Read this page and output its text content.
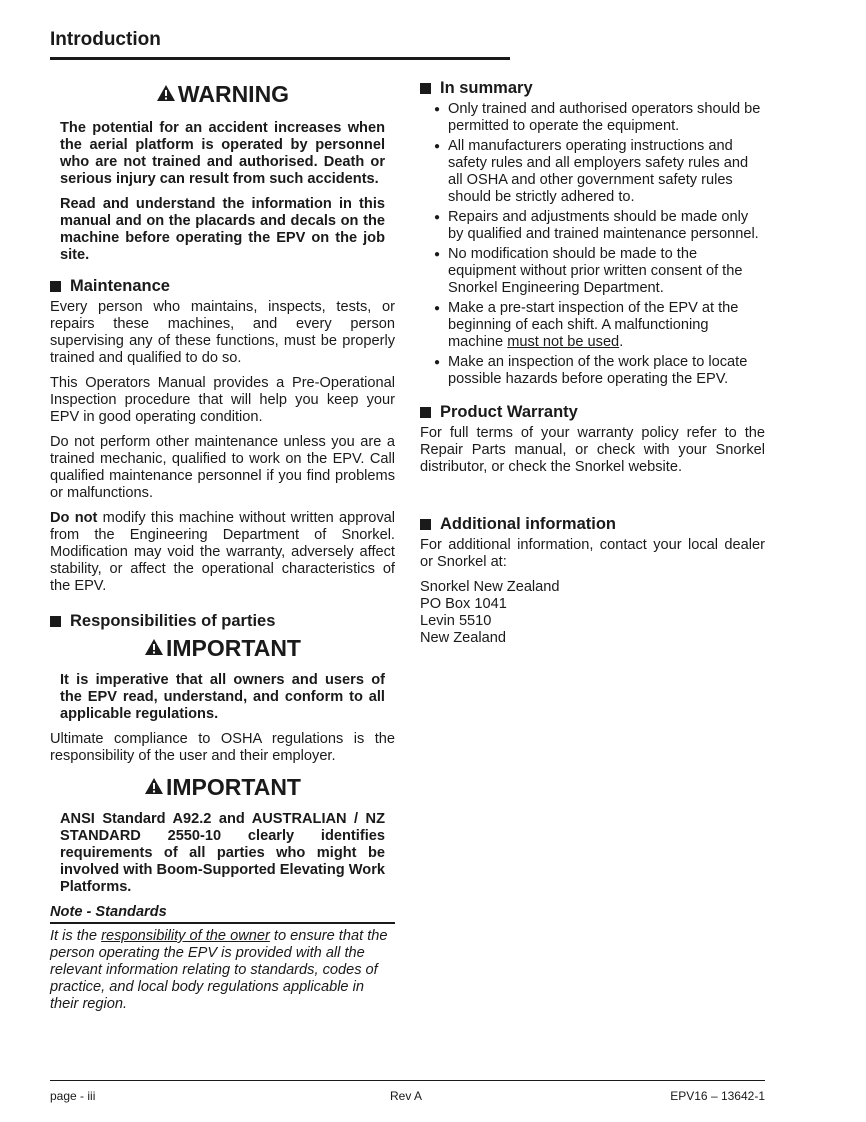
Introduction
WARNING

The potential for an accident increases when the aerial platform is operated by personnel who are not trained and authorised. Death or serious injury can result from such accidents.

Read and understand the information in this manual and on the placards and decals on the machine before operating the EPV on the job site.

Maintenance

Every person who maintains, inspects, tests, or repairs these machines, and every person supervising any of these functions, must be properly trained and qualified to do so.

This Operators Manual provides a Pre-Operational Inspection procedure that will help you keep your EPV in good operating condition.

Do not perform other maintenance unless you are a trained mechanic, qualified to work on the EPV. Call qualified maintenance personnel if you find problems or malfunctions.

Do not modify this machine without written approval from the Engineering Department of Snorkel. Modification may void the warranty, adversely affect stability, or affect the operational characteristics of the EPV.

Responsibilities of parties
IMPORTANT

It is imperative that all owners and users of the EPV read, understand, and conform to all applicable regulations.

Ultimate compliance to OSHA regulations is the responsibility of the user and their employer.

IMPORTANT

ANSI Standard A92.2 and AUSTRALIAN / NZ STANDARD 2550-10 clearly identifies requirements of all parties who might be involved with Boom-Supported Elevating Work Platforms.

Note - Standards
It is the responsibility of the owner to ensure that the person operating the EPV is provided with all the relevant information relating to standards, codes of practice, and local body regulations applicable in their region.
In summary
● Only trained and authorised operators should be permitted to operate the equipment.
● All manufacturers operating instructions and safety rules and all employers safety rules and all OSHA and other government safety rules should be strictly adhered to.
● Repairs and adjustments should be made only by qualified and trained maintenance personnel.
● No modification should be made to the equipment without prior written consent of the Snorkel Engineering Department.
● Make a pre-start inspection of the EPV at the beginning of each shift. A malfunctioning machine must not be used.
● Make an inspection of the work place to locate possible hazards before operating the EPV.
Product Warranty

For full terms of your warranty policy refer to the Repair Parts manual, or check with your Snorkel distributor, or check the Snorkel website.

Additional information

For additional information, contact your local dealer or Snorkel at:

Snorkel New Zealand
PO Box 1041
Levin 5510
New Zealand
page - iii	Rev A	EPV16 – 13642-1
